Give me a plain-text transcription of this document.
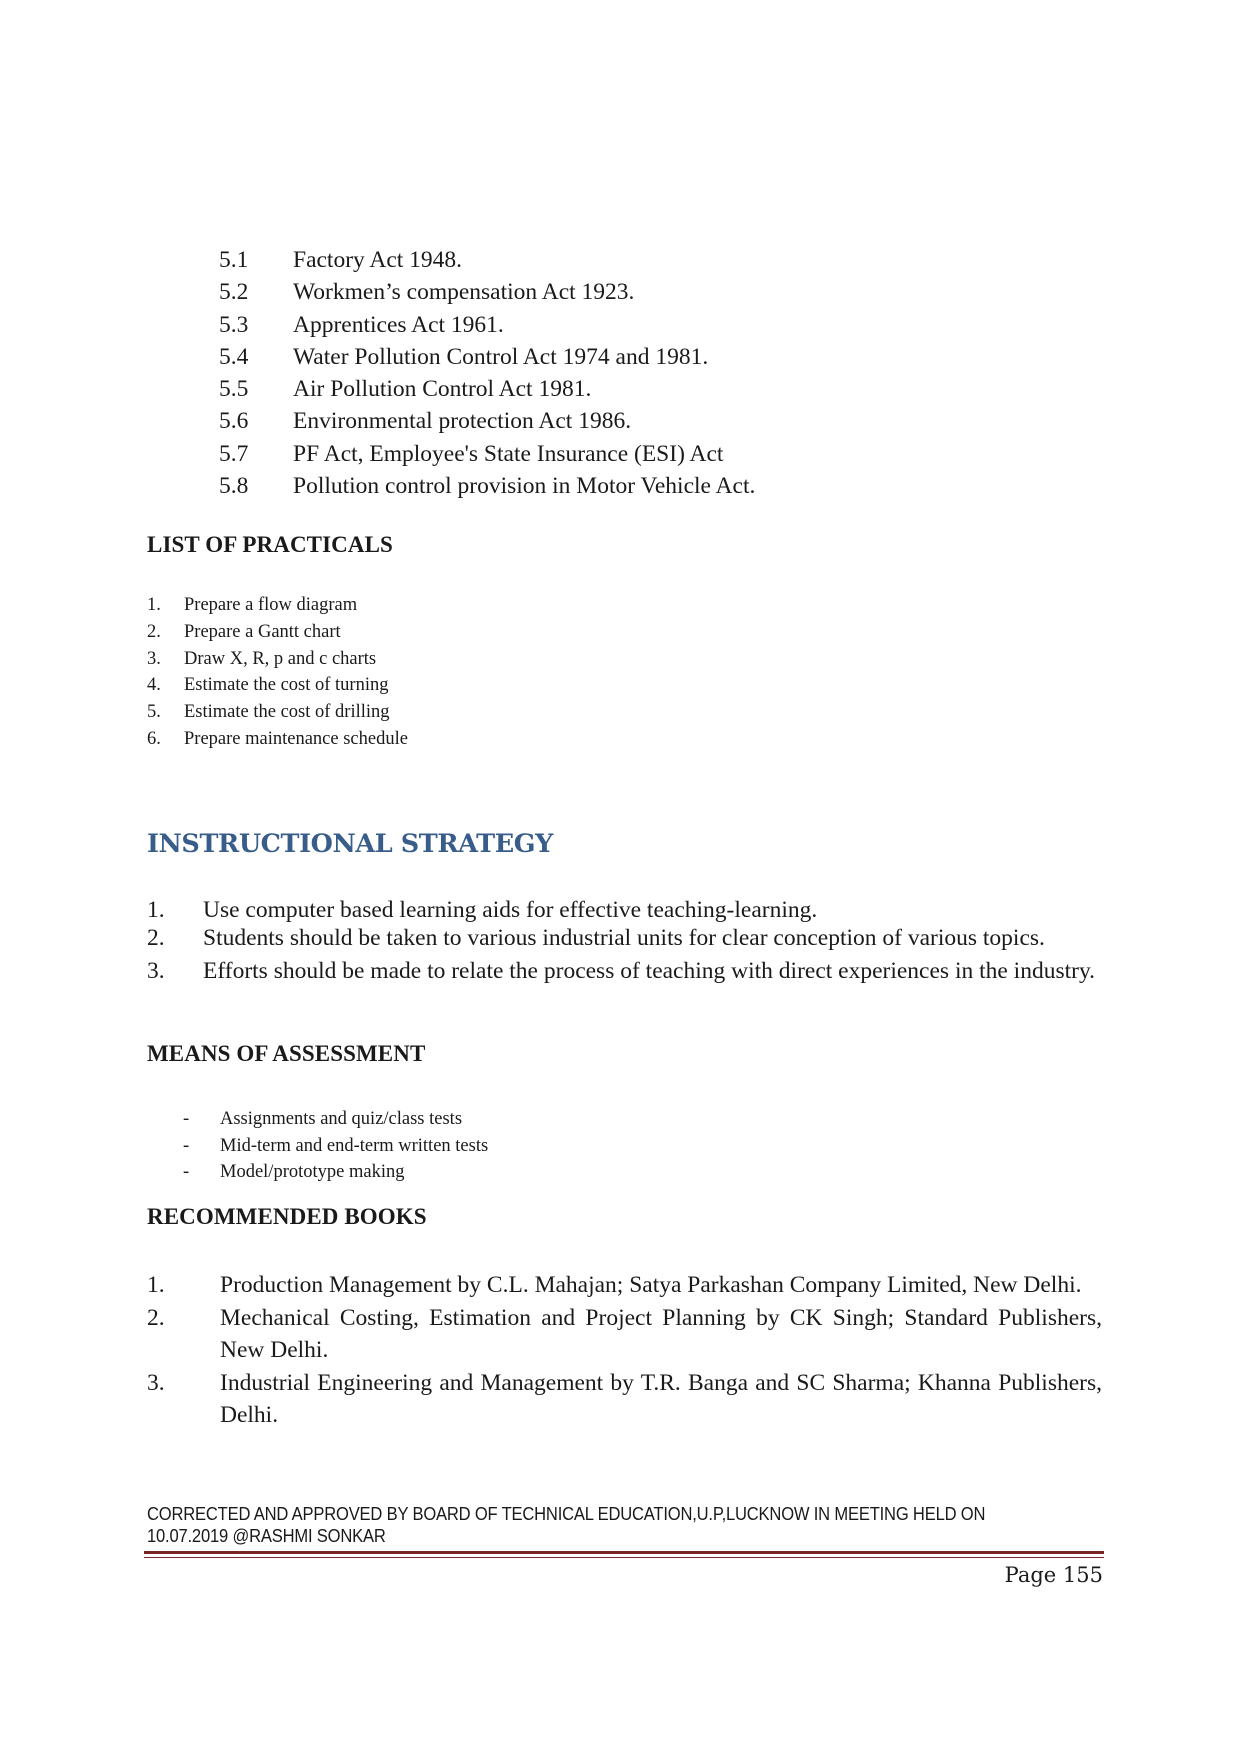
5.1 Factory Act 1948.
5.2 Workmen’s compensation Act 1923.
5.3 Apprentices Act 1961.
5.4 Water Pollution Control Act 1974 and 1981.
5.5 Air Pollution Control Act 1981.
5.6 Environmental protection Act 1986.
5.7 PF Act, Employee's State Insurance (ESI) Act
5.8 Pollution control provision in Motor Vehicle Act.
LIST OF PRACTICALS
1. Prepare a flow diagram
2. Prepare a Gantt chart
3. Draw X, R, p and c charts
4. Estimate the cost of turning
5. Estimate the cost of drilling
6. Prepare maintenance schedule
INSTRUCTIONAL STRATEGY
1. Use computer based learning aids for effective teaching-learning.
2. Students should be taken to various industrial units for clear conception of various topics.
3. Efforts should be made to relate the process of teaching with direct experiences in the industry.
MEANS OF ASSESSMENT
- Assignments and quiz/class tests
- Mid-term and end-term written tests
- Model/prototype making
RECOMMENDED BOOKS
1. Production Management by C.L. Mahajan; Satya Parkashan Company Limited, New Delhi.
2. Mechanical Costing, Estimation and Project Planning by CK Singh; Standard Publishers, New Delhi.
3. Industrial Engineering and Management by T.R. Banga and SC Sharma; Khanna Publishers, Delhi.
CORRECTED AND APPROVED BY BOARD OF TECHNICAL EDUCATION,U.P,LUCKNOW IN MEETING HELD ON
10.07.2019 @RASHMI SONKAR
Page 155
